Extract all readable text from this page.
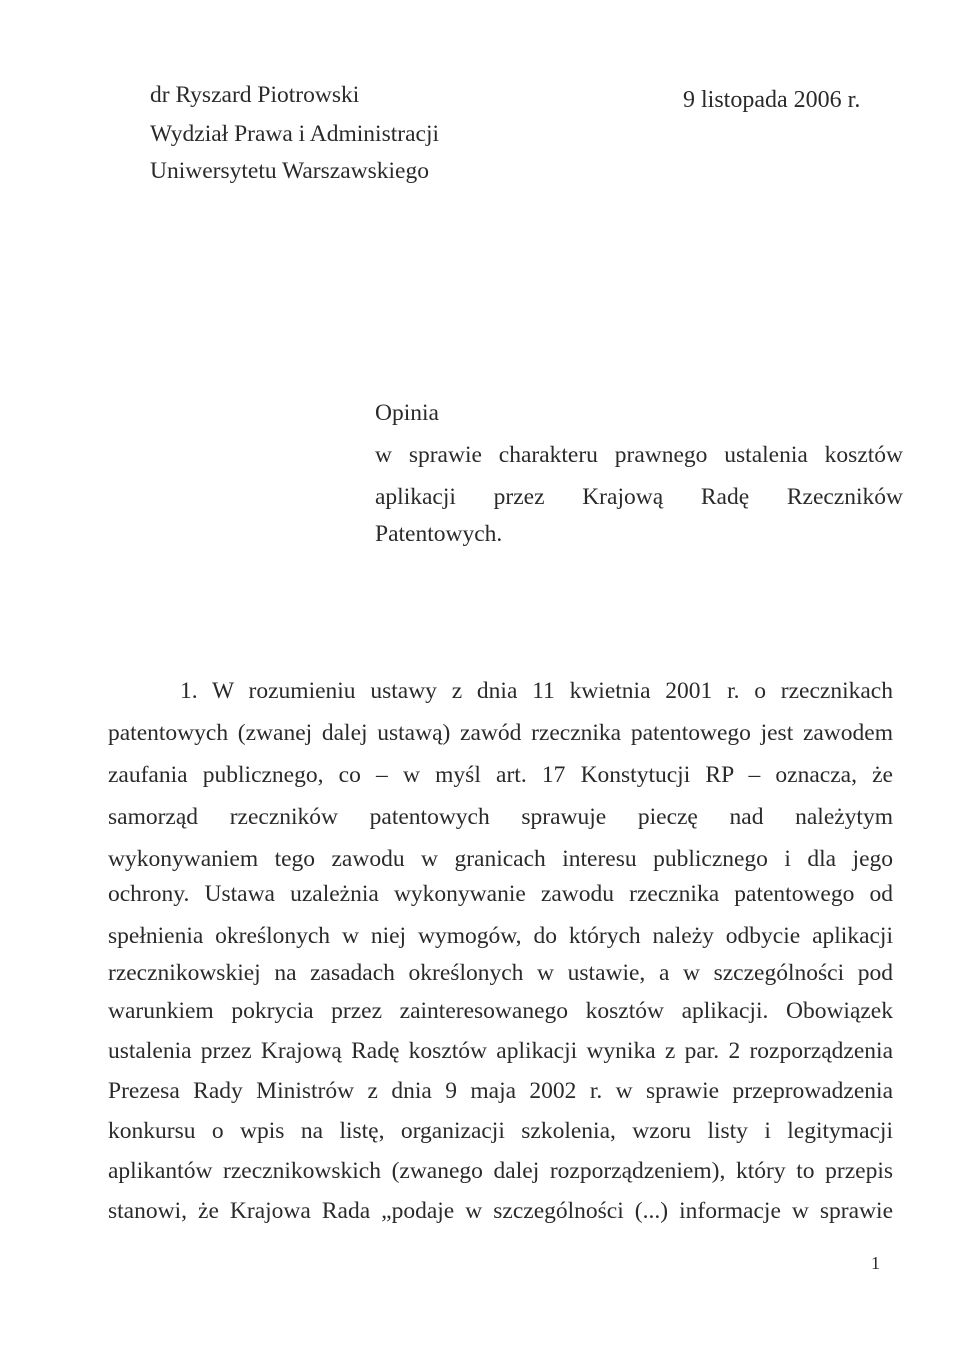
dr Ryszard Piotrowski

Wydział Prawa i Administracji

Uniwersytetu Warszawskiego

9 listopada 2006 r.

Opinia

w sprawie charakteru prawnego ustalenia kosztów

aplikacji przez Krajową Radę Rzeczników

Patentowych.

1. W rozumieniu ustawy z dnia 11 kwietnia 2001 r. o rzecznikach

patentowych (zwanej dalej ustawą) zawód rzecznika patentowego jest zawodem

zaufania publicznego, co – w myśl art. 17 Konstytucji RP – oznacza, że

samorząd rzeczników patentowych sprawuje pieczę nad należytym

wykonywaniem tego zawodu w granicach interesu publicznego i dla jego

ochrony. Ustawa uzależnia wykonywanie zawodu rzecznika patentowego od

spełnienia określonych w niej wymogów, do których należy odbycie aplikacji

rzecznikowskiej na zasadach określonych w ustawie, a w szczególności pod

warunkiem pokrycia przez zainteresowanego kosztów aplikacji. Obowiązek

ustalenia przez Krajową Radę kosztów aplikacji wynika z par. 2 rozporządzenia

Prezesa Rady Ministrów z dnia 9 maja 2002 r. w sprawie przeprowadzenia

konkursu o wpis na listę, organizacji szkolenia, wzoru listy i legitymacji

aplikantów rzecznikowskich (zwanego dalej rozporządzeniem), który to przepis

stanowi, że Krajowa Rada „podaje w szczególności (...) informacje w sprawie

1
